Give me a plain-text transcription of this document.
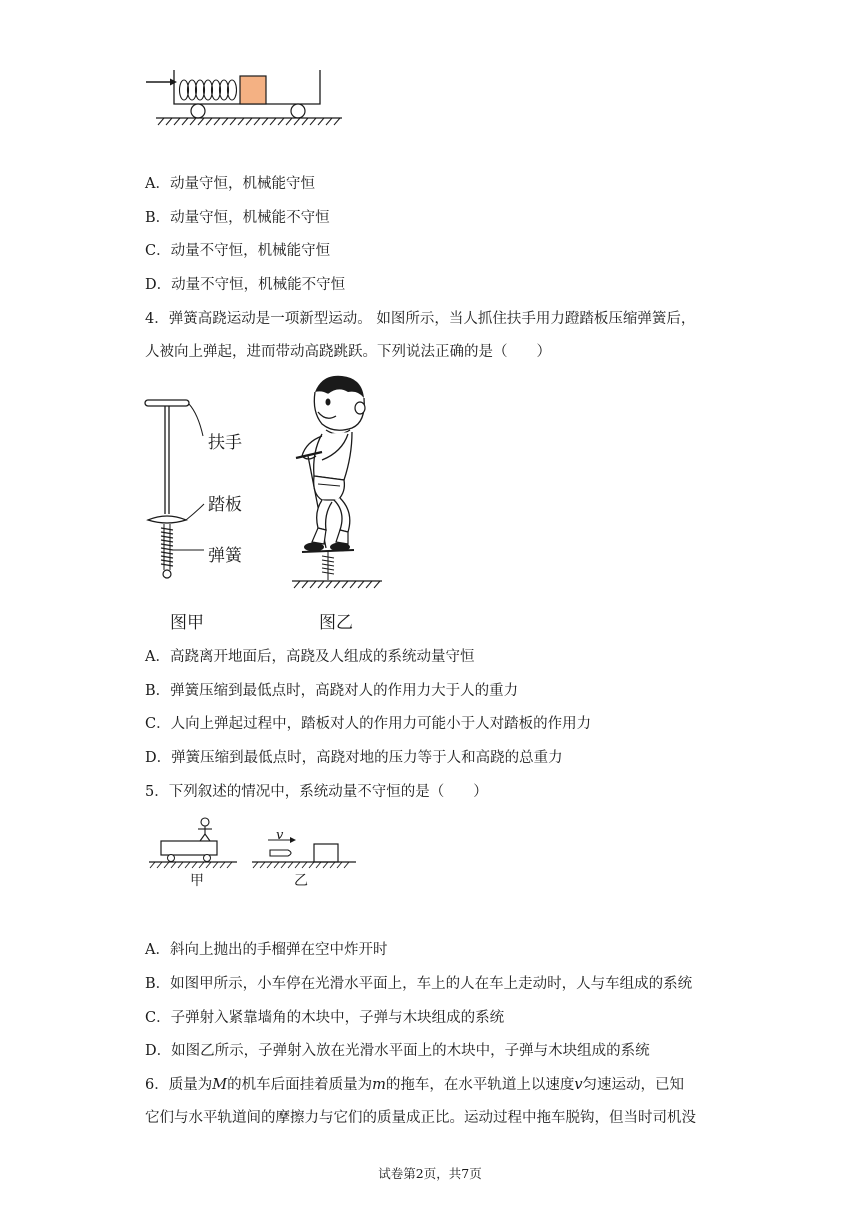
A．动量守恒，机械能守恒
B．动量守恒，机械能不守恒
C．动量不守恒，机械能守恒
D．动量不守恒，机械能不守恒
4．弹簧高跷运动是一项新型运动。 如图所示，当人抓住扶手用力蹬踏板压缩弹簧后，
人被向上弹起，进而带动高跷跳跃。下列说法正确的是（　　）
扶手
踏板
弹簧
图甲	图乙
A．高跷离开地面后，高跷及人组成的系统动量守恒
B．弹簧压缩到最低点时，高跷对人的作用力大于人的重力
C．人向上弹起过程中，踏板对人的作用力可能小于人对踏板的作用力
D．弹簧压缩到最低点时，高跷对地的压力等于人和高跷的总重力
5．下列叙述的情况中，系统动量不守恒的是（　　）
甲
v
乙
A．斜向上抛出的手榴弹在空中炸开时
B．如图甲所示，小车停在光滑水平面上，车上的人在车上走动时，人与车组成的系统
C．子弹射入紧靠墙角的木块中，子弹与木块组成的系统
D．如图乙所示，子弹射入放在光滑水平面上的木块中，子弹与木块组成的系统
6．质量为M的机车后面挂着质量为m的拖车，在水平轨道上以速度v匀速运动，已知
它们与水平轨道间的摩擦力与它们的质量成正比。运动过程中拖车脱钩，但当时司机没
试卷第2页，共7页
